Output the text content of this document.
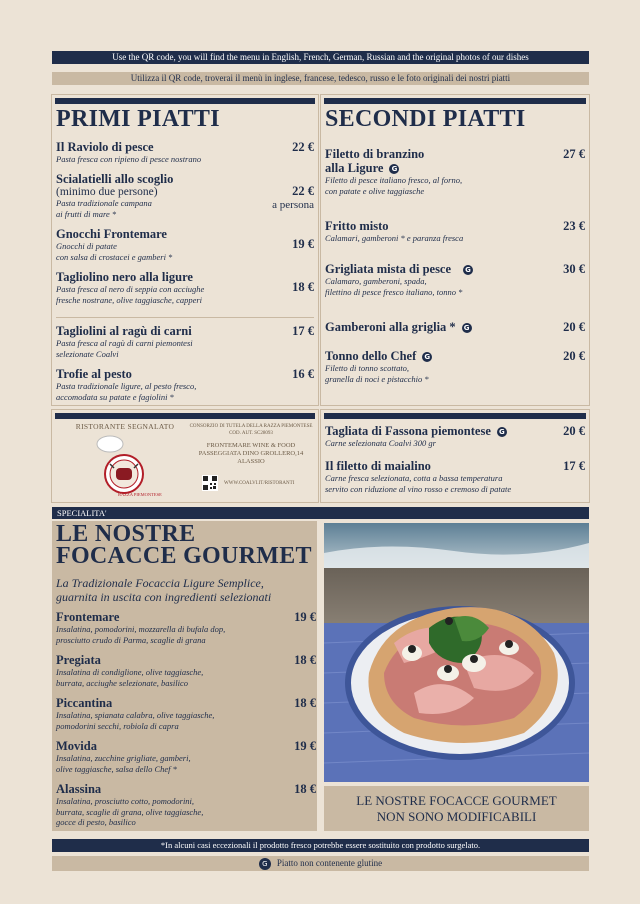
Use the QR code, you will find the menu in English, French, German, Russian and the original photos of our dishes
Utilizza il QR code, troverai il menù in inglese, francese, tedesco, russo e le foto originali dei nostri piatti
PRIMI PIATTI
Il Raviolo di pesce
Pasta fresca con ripieno di pesce nostrano
22 €
Scialatielli allo scoglio
(minimo due persone)
Pasta tradizionale campana
ai frutti di mare *
22 €
a persona
Gnocchi Frontemare
Gnocchi di patate
con salsa di crostacei e gamberi *
19 €
Tagliolino nero alla ligure
Pasta fresca al nero di seppia con acciughe
fresche nostrane, olive taggiasche, capperi
18 €
Tagliolini al ragù di carni
Pasta fresca al ragù di carni piemontesi
selezionate Coalvi
17 €
Trofie al pesto
Pasta tradizionale ligure, al pesto fresco,
accomodata su patate e fagiolini *
16 €
SECONDI PIATTI
Filetto di branzino
alla Ligure G
Filetto di pesce italiano fresco, al forno,
con patate e olive taggiasche
27 €
Fritto misto
Calamari, gamberoni * e paranza fresca
23 €
Grigliata mista di pesce G
Calamaro, gamberoni, spada,
filettino di pesce fresco italiano, tonno *
30 €
Gamberoni alla griglia * G	20 €
Tonno dello Chef G
Filetto di tonno scottato,
granella di noci e pistacchio *
20 €
RISTORANTE SEGNALATO
RAZZA PIEMONTESE
CONSORZIO DI TUTELA DELLA RAZZA PIEMONTESE
COD. AUT. SC28093
FRONTEMARE WINE & FOOD
PASSEGGIATA DINO GROLLERO,14
ALASSIO
WWW.COALVI.IT/RISTORANTI
Tagliata di Fassona piemontese G
Carne selezionata Coalvi 300 gr
20 €
Il filetto di maialino
Carne fresca selezionata, cotta a bassa temperatura
servito con riduzione al vino rosso e cremoso di patate
17 €
SPECIALITA'
LE NOSTRE
FOCACCE GOURMET
La Tradizionale Focaccia Ligure Semplice,
guarnita in uscita con ingredienti selezionati
Frontemare
Insalatina, pomodorini, mozzarella di bufala dop,
prosciutto crudo di Parma, scaglie di grana
19 €
Pregiata
Insalatina di condiglione, olive taggiasche,
burrata, acciughe selezionate, basilico
18 €
Piccantina
Insalatina, spianata calabra, olive taggiasche,
pomodorini secchi, robiola di capra
18 €
Movida
Insalatina, zucchine grigliate, gamberi,
olive taggiasche, salsa dello Chef *
19 €
Alassina
Insalatina, prosciutto cotto, pomodorini,
burrata, scaglie di grana, olive taggiasche,
gocce di pesto, basilico
18 €
LE NOSTRE FOCACCE GOURMET
NON SONO MODIFICABILI
*In alcuni casi eccezionali il prodotto fresco potrebbe essere sostituito con prodotto surgelato.
G Piatto non contenente glutine
